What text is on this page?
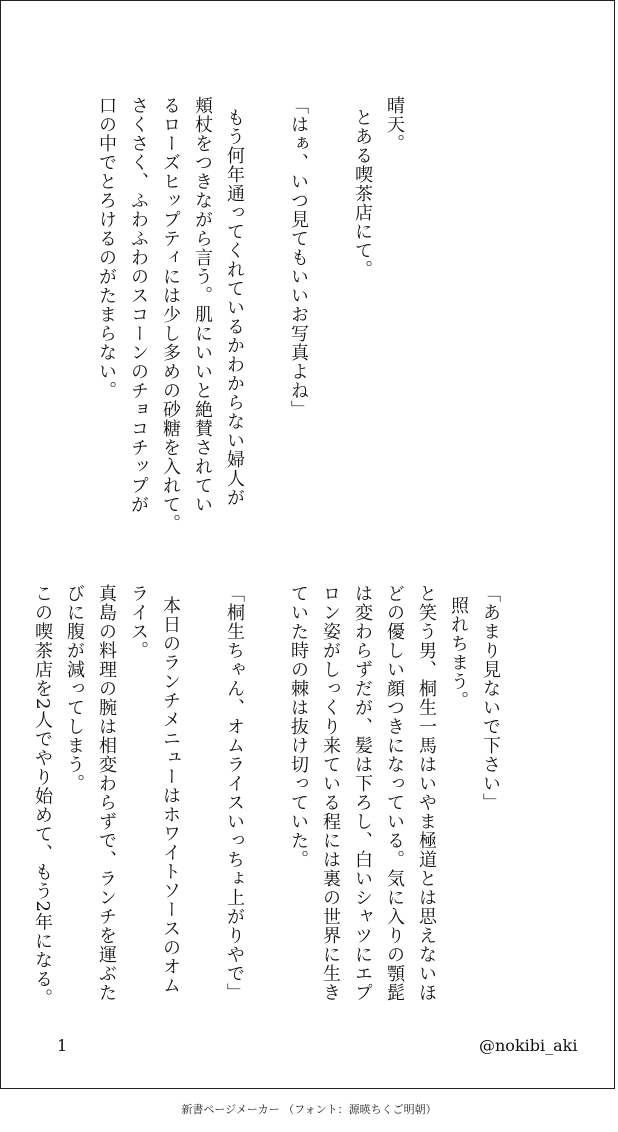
晴天。
とある喫茶店にて。

「はぁ、いつ見てもいいお写真よね」

もう何年通ってくれているかわからない婦人が
頬杖をつきながら言う。肌にいいと絶賛されてい
るローズヒップティには少し多めの砂糖を入れて。
さくさく、ふわふわのスコーンのチョコチップが
口の中でとろけるのがたまらない。

「あまり見ないで下さい」
照れちまう。
と笑う男、桐生一馬はいやま極道とは思えないほ
どの優しい顔つきになっている。気に入りの顎髭
は変わらずだが、髪は下ろし、白いシャツにエプ
ロン姿がしっくり来ている程には裏の世界に生き
ていた時の棘は抜け切っていた。

「桐生ちゃん、オムライスいっちょ上がりやで」

本日のランチメニューはホワイトソースのオム
ライス。
真島の料理の腕は相変わらずで、ランチを運ぶた
びに腹が減ってしまう。
この喫茶店を2人でやり始めて、もう2年になる。

1	@nokibi_aki
新書ページメーカー （フォント：源暎ちくご明朝）
